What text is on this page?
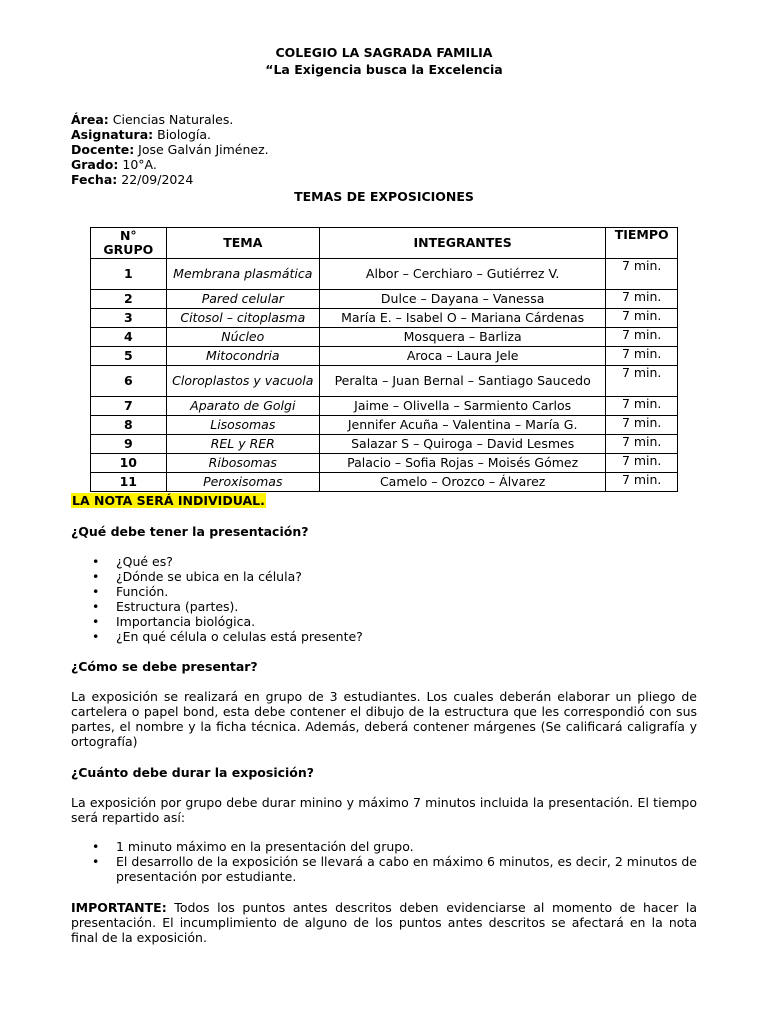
COLEGIO LA SAGRADA FAMILIA
“La Exigencia busca la Excelencia
Área: Ciencias Naturales.
Asignatura: Biología.
Docente: Jose Galván Jiménez.
Grado: 10°A.
Fecha: 22/09/2024
TEMAS DE EXPOSICIONES
N°
GRUPO	TEMA	INTEGRANTES	TIEMPO
1	Membrana plasmática	Albor – Cerchiaro – Gutiérrez V.	7 min.
2	Pared celular	Dulce – Dayana – Vanessa	7 min.
3	Citosol – citoplasma	María E. – Isabel O – Mariana Cárdenas	7 min.
4	Núcleo	Mosquera – Barliza	7 min.
5	Mitocondria	Aroca – Laura Jele	7 min.
6	Cloroplastos y vacuola	Peralta – Juan Bernal – Santiago Saucedo	7 min.
7	Aparato de Golgi	Jaime – Olivella – Sarmiento Carlos	7 min.
8	Lisosomas	Jennifer Acuña – Valentina – María G.	7 min.
9	REL y RER	Salazar S – Quiroga – David Lesmes	7 min.
10	Ribosomas	Palacio – Sofia Rojas – Moisés Gómez	7 min.
11	Peroxisomas	Camelo – Orozco – Álvarez	7 min.
LA NOTA SERÁ INDIVIDUAL.
¿Qué debe tener la presentación?
• ¿Qué es?
• ¿Dónde se ubica en la célula?
• Función.
• Estructura (partes).
• Importancia biológica.
• ¿En qué célula o celulas está presente?
¿Cómo se debe presentar?
La exposición se realizará en grupo de 3 estudiantes. Los cuales deberán elaborar un pliego de cartelera o papel bond, esta debe contener el dibujo de la estructura que les correspondió con sus partes, el nombre y la ficha técnica. Además, deberá contener márgenes (Se calificará caligrafía y ortografía)
¿Cuánto debe durar la exposición?
La exposición por grupo debe durar minino y máximo 7 minutos incluida la presentación. El tiempo será repartido así:
• 1 minuto máximo en la presentación del grupo.
• El desarrollo de la exposición se llevará a cabo en máximo 6 minutos, es decir, 2 minutos de presentación por estudiante.
IMPORTANTE: Todos los puntos antes descritos deben evidenciarse al momento de hacer la presentación. El incumplimiento de alguno de los puntos antes descritos se afectará en la nota final de la exposición.
